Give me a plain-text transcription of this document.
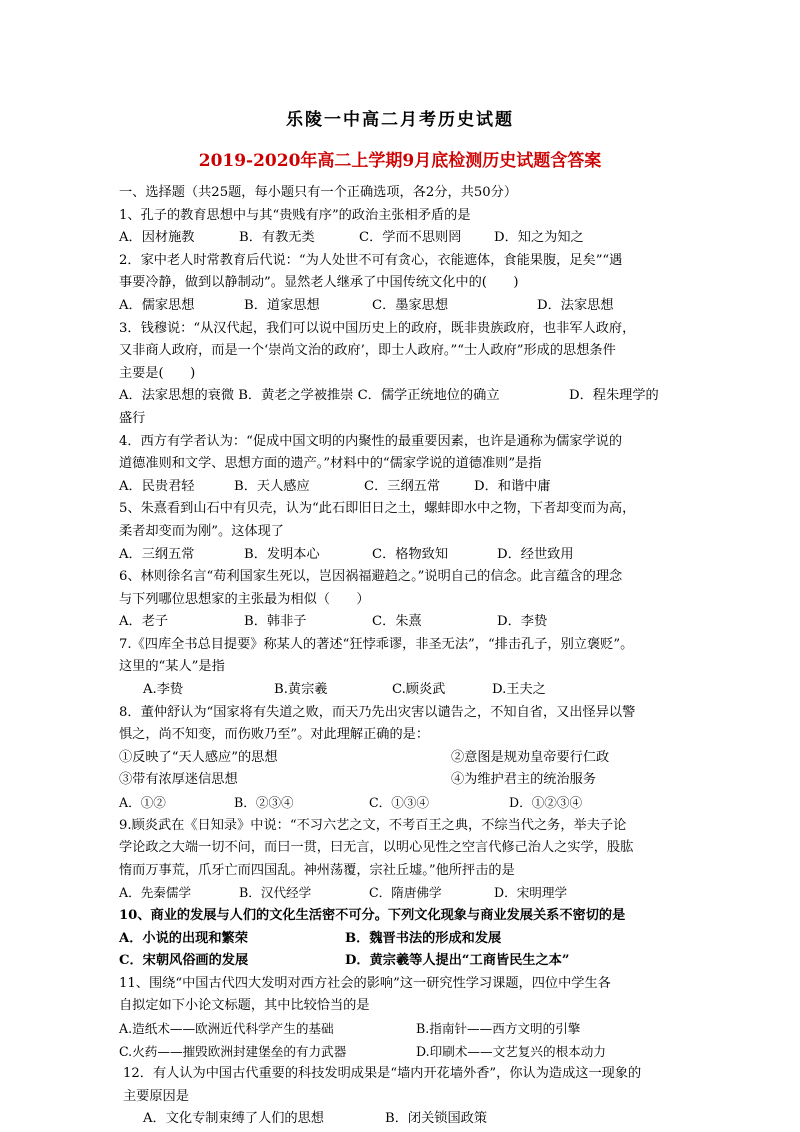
乐陵一中高二月考历史试题
2019-2020年高二上学期9月底检测历史试题含答案
一、选择题（共25题，每小题只有一个正确选项，各2分，共50分）
1、孔子的教育思想中与其“贵贱有序”的政治主张相矛盾的是
A．因材施教	B．有教无类	C．学而不思则罔	D．知之为知之
2．家中老人时常教育后代说：“为人处世不可有贪心，衣能遮体，食能果腹，足矣”“遇
事要冷静，做到以静制动”。显然老人继承了中国传统文化中的(　　)
A．儒家思想	B．道家思想	C．墨家思想	D．法家思想
3．钱穆说：“从汉代起，我们可以说中国历史上的政府，既非贵族政府，也非军人政府，
又非商人政府，而是一个‘崇尚文治的政府’，即士人政府。”“士人政府”形成的思想条件
主要是(　　)
A．法家思想的衰微 B．黄老之学被推崇 C．儒学正统地位的确立	D．程朱理学的
盛行
4．西方有学者认为：“促成中国文明的内聚性的最重要因素，也许是通称为儒家学说的
道德准则和文学、思想方面的遗产。”材料中的“儒家学说的道德准则”是指
A．民贵君轻	B．天人感应	C．三纲五常	D．和谐中庸
5、朱熹看到山石中有贝壳，认为“此石即旧日之土，螺蚌即水中之物，下者却变而为高，
柔者却变而为刚”。这体现了
A．三纲五常	B．发明本心	C．格物致知	D．经世致用
6、林则徐名言“苟利国家生死以，岂因祸福避趋之。”说明自己的信念。此言蕴含的理念
与下列哪位思想家的主张最为相似（　　）
A．老子	B．韩非子	C．朱熹	D．李贽
7.《四库全书总目提要》称某人的著述“狂悖乖谬，非圣无法”，“排击孔子，别立褒贬”。
这里的“某人”是指
A.李贽	B.黄宗羲	C.顾炎武	D.王夫之
8．董仲舒认为“国家将有失道之败，而天乃先出灾害以谴告之，不知自省，又出怪异以警
惧之，尚不知变，而伤败乃至”。对此理解正确的是：
①反映了“天人感应”的思想	②意图是规劝皇帝要行仁政
③带有浓厚迷信思想	④为维护君主的统治服务
A．①②	B．②③④	C．①③④	D．①②③④
9.顾炎武在《日知录》中说：“不习六艺之文，不考百王之典，不综当代之务，举夫子论
学论政之大端一切不问，而曰一贯，曰无言，以明心见性之空言代修己治人之实学，股肱
惰而万事荒，爪牙亡而四国乱。神州荡覆，宗社丘墟。”他所抨击的是
A．先秦儒学	B．汉代经学	C．隋唐佛学	D．宋明理学
10、商业的发展与人们的文化生活密不可分。下列文化现象与商业发展关系不密切的是
A．小说的出现和繁荣	B．魏晋书法的形成和发展
C．宋朝风俗画的发展	D．黄宗羲等人提出“工商皆民生之本”
11、围绕“中国古代四大发明对西方社会的影响”这一研究性学习课题，四位中学生各
自拟定如下小论文标题，其中比较恰当的是
A.造纸术——欧洲近代科学产生的基础	B.指南针——西方文明的引擎
C.火药——摧毁欧洲封建堡垒的有力武器	D.印刷术——文艺复兴的根本动力
12．有人认为中国古代重要的科技发明成果是“墙内开花墙外香”，你认为造成这一现象的
主要原因是
A．文化专制束缚了人们的思想	B．闭关锁国政策
